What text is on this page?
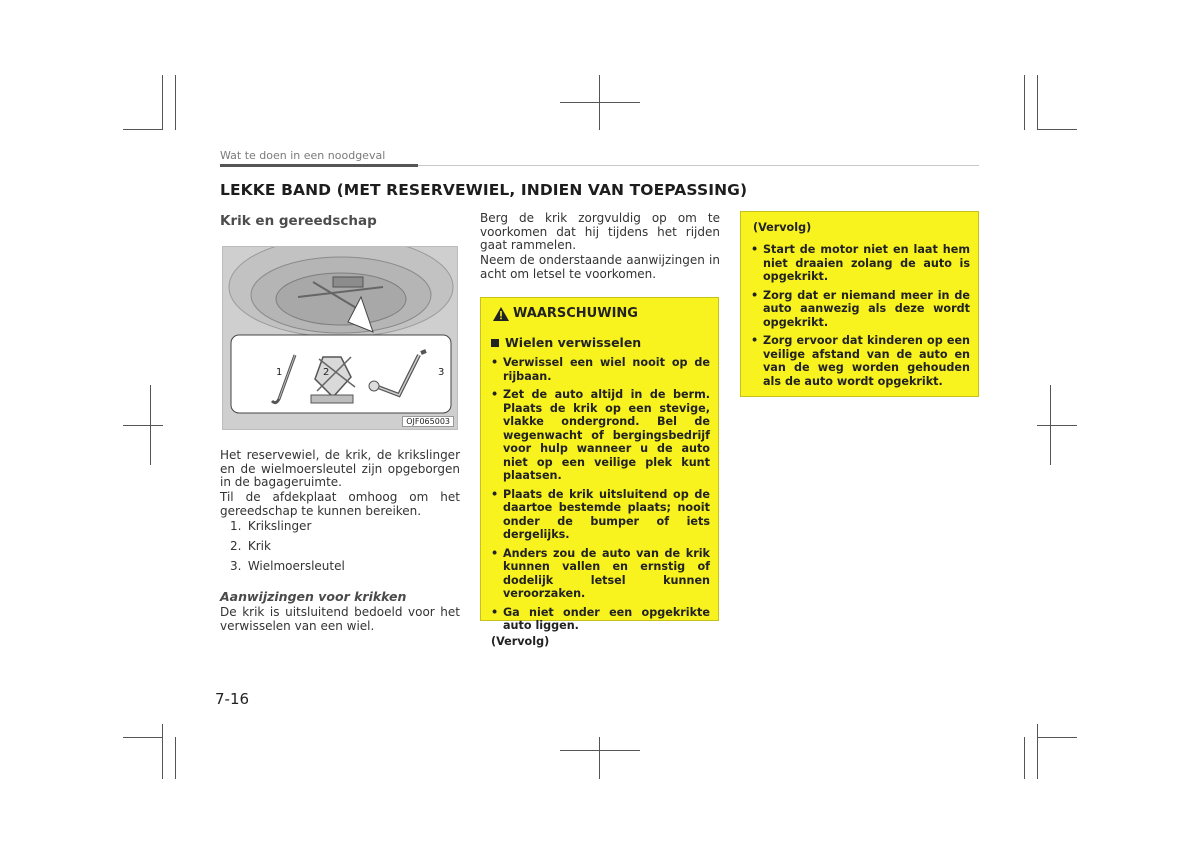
Wat te doen in een noodgeval
LEKKE BAND (MET RESERVEWIEL, INDIEN VAN TOEPASSING)
Krik en gereedschap
1	2	3
OJF065003
Het reservewiel, de krik, de krikslinger en de wielmoersleutel zijn opgeborgen in de bagageruimte.
Til de afdekplaat omhoog om het gereedschap te kunnen bereiken.
1. Krikslinger
2. Krik
3. Wielmoersleutel
Aanwijzingen voor krikken
De krik is uitsluitend bedoeld voor het verwisselen van een wiel.
Berg de krik zorgvuldig op om te voorkomen dat hij tijdens het rijden gaat rammelen.
Neem de onderstaande aanwijzingen in acht om letsel te voorkomen.
WAARSCHUWING
Wielen verwisselen
• Verwissel een wiel nooit op de rijbaan.
• Zet de auto altijd in de berm. Plaats de krik op een stevige, vlakke ondergrond. Bel de wegenwacht of bergingsbedrijf voor hulp wanneer u de auto niet op een veilige plek kunt plaatsen.
• Plaats de krik uitsluitend op de daartoe bestemde plaats; nooit onder de bumper of iets dergelijks.
• Anders zou de auto van de krik kunnen vallen en ernstig of dodelijk letsel kunnen veroorzaken.
• Ga niet onder een opgekrikte auto liggen.
(Vervolg)
(Vervolg)
• Start de motor niet en laat hem niet draaien zolang de auto is opgekrikt.
• Zorg dat er niemand meer in de auto aanwezig als deze wordt opgekrikt.
• Zorg ervoor dat kinderen op een veilige afstand van de auto en van de weg worden gehouden als de auto wordt opgekrikt.
7-16
